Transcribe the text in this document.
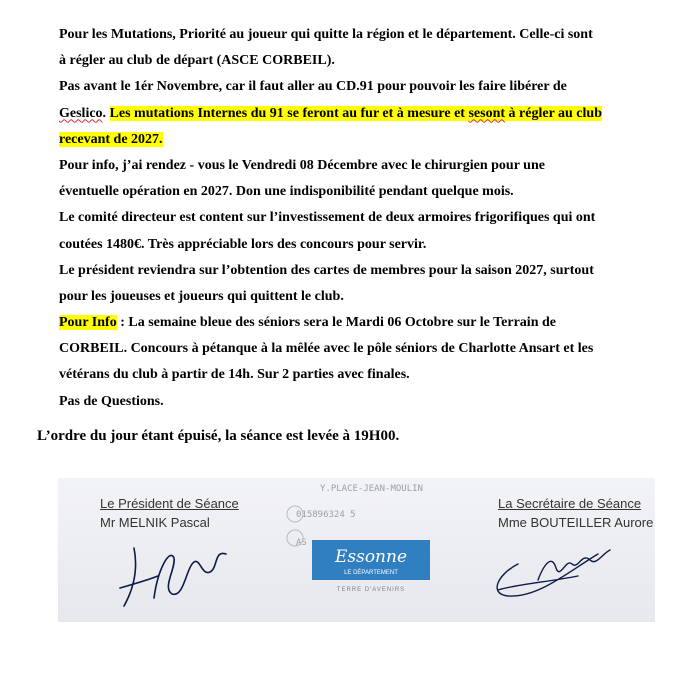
Pour les Mutations, Priorité au joueur qui quitte la région et le département. Celle-ci sont
à régler au club de départ (ASCE CORBEIL).
Pas avant le 1ér Novembre, car il faut aller au CD.91 pour pouvoir les faire libérer de
Geslico. Les mutations Internes du 91 se feront au fur et à mesure et sesont à régler au club
recevant de 2027.
Pour info, j’ai rendez - vous le Vendredi 08 Décembre avec le chirurgien pour une
éventuelle opération en 2027. Don une indisponibilité pendant quelque mois.
Le comité directeur est content sur l’investissement de deux armoires frigorifiques qui ont
coutées 1480€. Très appréciable lors des concours pour servir.
Le président reviendra sur l’obtention des cartes de membres pour la saison 2027, surtout
pour les joueuses et joueurs qui quittent le club.
Pour Info : La semaine bleue des séniors sera le Mardi 06 Octobre sur le Terrain de
CORBEIL. Concours à pétanque à la mêlée avec le pôle séniors de Charlotte Ansart et les
vétérans du club à partir de 14h. Sur 2 parties avec finales.
Pas de Questions.
L’ordre du jour étant épuisé, la séance est levée à 19H00.
Le Président de Séance
Mr MELNIK Pascal
La Secrétaire de Séance
Mme BOUTEILLER Aurore
Y.PLACE-JEAN-MOULIN
015896324 5
AS
Essonne
LE DÉPARTEMENT
TERRE D'AVENIRS
